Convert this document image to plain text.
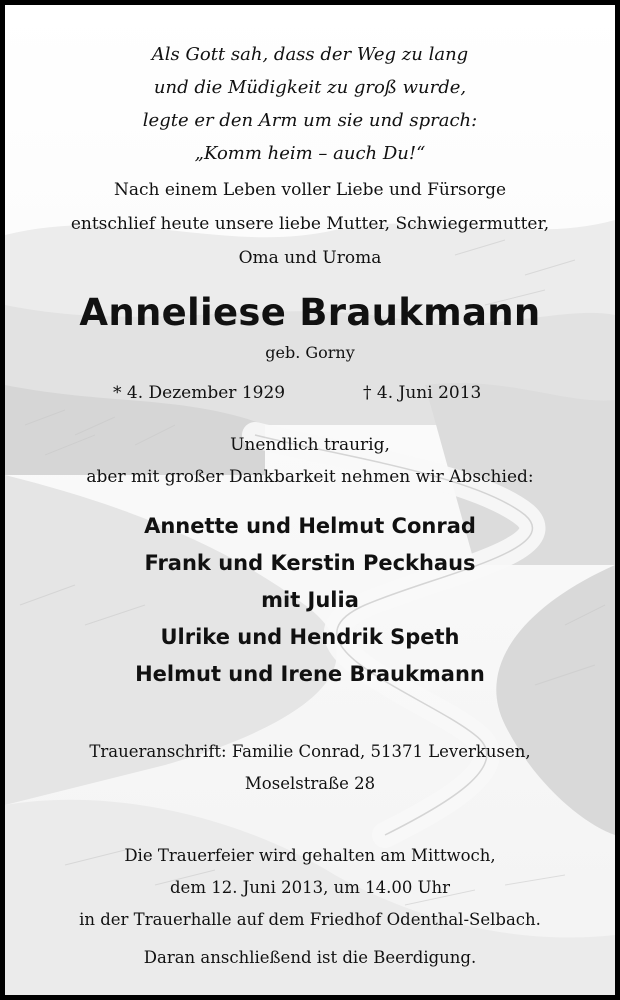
Als Gott sah, dass der Weg zu lang
und die Müdigkeit zu groß wurde,
legte er den Arm um sie und sprach:
„Komm heim – auch Du!“
Nach einem Leben voller Liebe und Fürsorge
entschlief heute unsere liebe Mutter, Schwiegermutter,
Oma und Uroma
Anneliese Braukmann
geb. Gorny
* 4. Dezember 1929	† 4. Juni 2013
Unendlich traurig,
aber mit großer Dankbarkeit nehmen wir Abschied:
Annette und Helmut Conrad
Frank und Kerstin Peckhaus
mit Julia
Ulrike und Hendrik Speth
Helmut und Irene Braukmann
Traueranschrift: Familie Conrad, 51371 Leverkusen,
Moselstraße 28
Die Trauerfeier wird gehalten am Mittwoch,
dem 12. Juni 2013, um 14.00 Uhr
in der Trauerhalle auf dem Friedhof Odenthal-Selbach.
Daran anschließend ist die Beerdigung.
